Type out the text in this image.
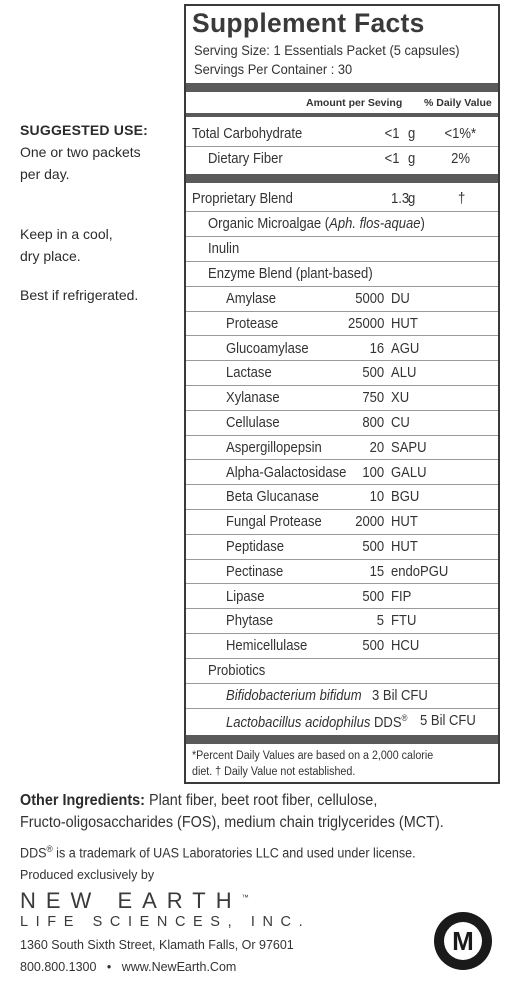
SUGGESTED USE:
One or two packets
per day.
Keep in a cool,
dry place.
Best if refrigerated.
Supplement Facts
Serving Size: 1 Essentials Packet (5 capsules)
Servings Per Container : 30
Amount per Seving % Daily Value
Total Carbohydrate	<1 g <1%*
Dietary Fiber	<1 g 2%
Proprietary Blend	1.3 g	†
Organic Microalgae (Aph. flos-aquae)
Inulin
Enzyme Blend (plant-based)
Amylase	5000 DU
Protease	25000 HUT
Glucoamylase	16 AGU
Lactase	500 ALU
Xylanase	750 XU
Cellulase	800 CU
Aspergillopepsin	20 SAPU
Alpha-Galactosidase 100 GALU
Beta Glucanase	10 BGU
Fungal Protease 2000 HUT
Peptidase	500 HUT
Pectinase	15 endoPGU
Lipase	500 FIP
Phytase	5 FTU
Hemicellulase	500 HCU
Probiotics
Bifidobacterium bifidum 3 Bil CFU
Lactobacillus acidophilus DDS® 5 Bil CFU
*Percent Daily Values are based on a 2,000 calorie
diet. † Daily Value not established.
Other Ingredients: Plant fiber, beet root fiber, cellulose,
Fructo-oligosaccharides (FOS), medium chain triglycerides (MCT).
DDS® is a trademark of UAS Laboratories LLC and used under license.
Produced exclusively by
NEW EARTH™
LIFE SCIENCES, INC.
1360 South Sixth Street, Klamath Falls, Or 97601
800.800.1300 • www.NewEarth.Com
M
